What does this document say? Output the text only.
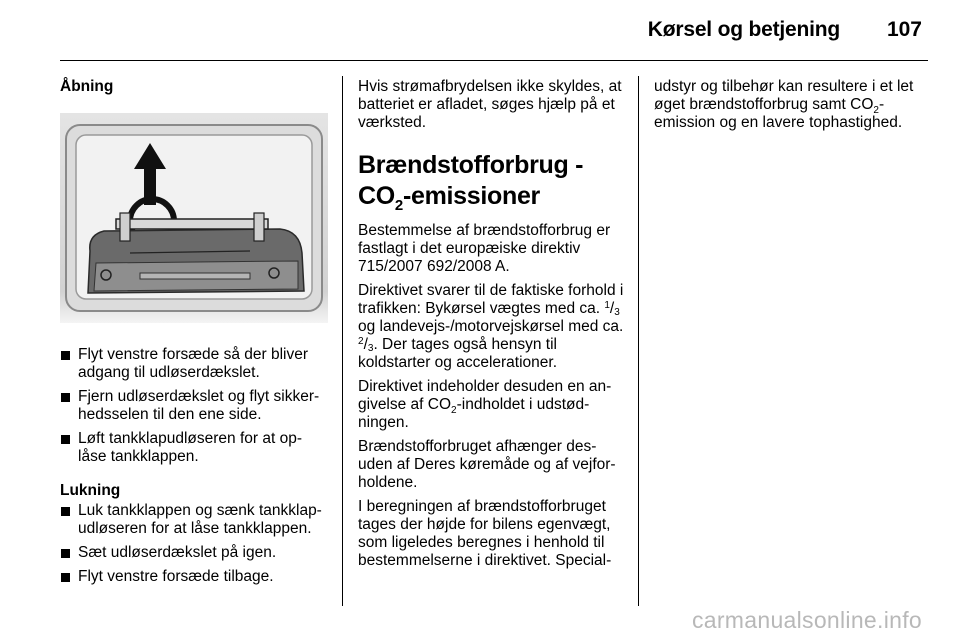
Kørsel og betjening 107
Åbning
Flyt venstre forsæde så der bliver adgang til udløserdækslet.
Fjern udløserdækslet og flyt sikker-hedsselen til den ene side.
Løft tankklapudløseren for at op-låse tankklappen.
Lukning
Luk tankklappen og sænk tankklap-udløseren for at låse tankklappen.
Sæt udløserdækslet på igen.
Flyt venstre forsæde tilbage.

Hvis strømafbrydelsen ikke skyldes, at batteriet er afladet, søges hjælp på et værksted.

Brændstofforbrug -
$CO_2$-emissioner

Bestemmelse af brændstofforbrug er fastlagt i det europæiske direktiv 715/2007 692/2008 A.

Direktivet svarer til de faktiske forhold i trafikken: Bykørsel vægtes med ca. $^1/_3$ og landevejs-/motorvejskørsel med ca. $^2/_3$. Der tages også hensyn til koldstarter og accelerationer.

Direktivet indeholder desuden en an-givelse af $CO_2$-indholdet i udstød-ningen.

Brændstofforbruget afhænger des-uden af Deres køremåde og af vejfor-holdene.

I beregningen af brændstofforbruget tages der højde for bilens egenvægt, som ligeledes beregnes i henhold til bestemmelserne i direktivet. Special-

udstyr og tilbehør kan resultere i et let øget brændstofforbrug samt $CO_2$-emission og en lavere tophastighed.

carmanualsonline.info
